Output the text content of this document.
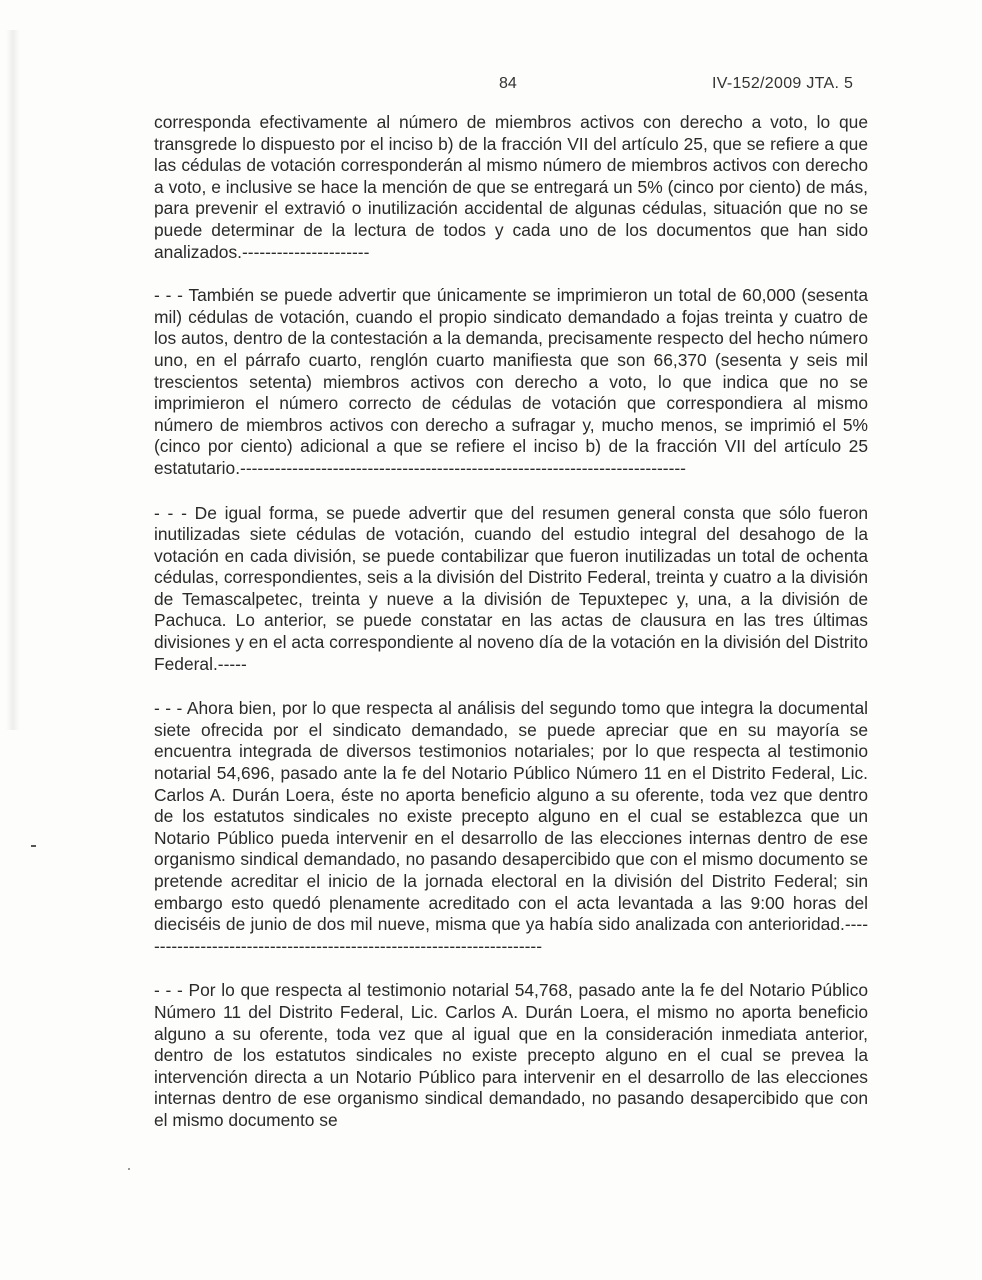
84	IV-152/2009 JTA. 5

corresponda efectivamente al número de miembros activos con derecho a voto, lo que transgrede lo dispuesto por el inciso b) de la fracción VII del artículo 25, que se refiere a que las cédulas de votación corresponderán al mismo número de miembros activos con derecho a voto, e inclusive se hace la mención de que se entregará un 5% (cinco por ciento) de más, para prevenir el extravió o inutilización accidental de algunas cédulas, situación que no se puede determinar de la lectura de todos y cada uno de los documentos que han sido analizados.----------------------

- - - También se puede advertir que únicamente se imprimieron un total de 60,000 (sesenta mil) cédulas de votación, cuando el propio sindicato demandado a fojas treinta y cuatro de los autos, dentro de la contestación a la demanda, precisamente respecto del hecho número uno, en el párrafo cuarto, renglón cuarto manifiesta que son 66,370 (sesenta y seis mil trescientos setenta) miembros activos con derecho a voto, lo que indica que no se imprimieron el número correcto de cédulas de votación que correspondiera al mismo número de miembros activos con derecho a sufragar y, mucho menos, se imprimió el 5% (cinco por ciento) adicional a que se refiere el inciso b) de la fracción VII del artículo 25 estatutario.-----------------------------------------------------------------------------

- - - De igual forma, se puede advertir que del resumen general consta que sólo fueron inutilizadas siete cédulas de votación, cuando del estudio integral del desahogo de la votación en cada división, se puede contabilizar que fueron inutilizadas un total de ochenta cédulas, correspondientes, seis a la división del Distrito Federal, treinta y cuatro a la división de Temascalpetec, treinta y nueve a la división de Tepuxtepec y, una, a la división de Pachuca. Lo anterior, se puede constatar en las actas de clausura en las tres últimas divisiones y en el acta correspondiente al noveno día de la votación en la división del Distrito Federal.-----

- - - Ahora bien, por lo que respecta al análisis del segundo tomo que integra la documental siete ofrecida por el sindicato demandado, se puede apreciar que en su mayoría se encuentra integrada de diversos testimonios notariales; por lo que respecta al testimonio notarial 54,696, pasado ante la fe del Notario Público Número 11 en el Distrito Federal, Lic. Carlos A. Durán Loera, éste no aporta beneficio alguno a su oferente, toda vez que dentro de los estatutos sindicales no existe precepto alguno en el cual se establezca que un Notario Público pueda intervenir en el desarrollo de las elecciones internas dentro de ese organismo sindical demandado, no pasando desapercibido que con el mismo documento se pretende acreditar el inicio de la jornada electoral en la división del Distrito Federal; sin embargo esto quedó plenamente acreditado con el acta levantada a las 9:00 horas del dieciséis de junio de dos mil nueve, misma que ya había sido analizada con anterioridad.-----------------------------------------------------------------------

- - - Por lo que respecta al testimonio notarial 54,768, pasado ante la fe del Notario Público Número 11 del Distrito Federal, Lic. Carlos A. Durán Loera, el mismo no aporta beneficio alguno a su oferente, toda vez que al igual que en la consideración inmediata anterior, dentro de los estatutos sindicales no existe precepto alguno en el cual se prevea la intervención directa a un Notario Público para intervenir en el desarrollo de las elecciones internas dentro de ese organismo sindical demandado, no pasando desapercibido que con el mismo documento se
